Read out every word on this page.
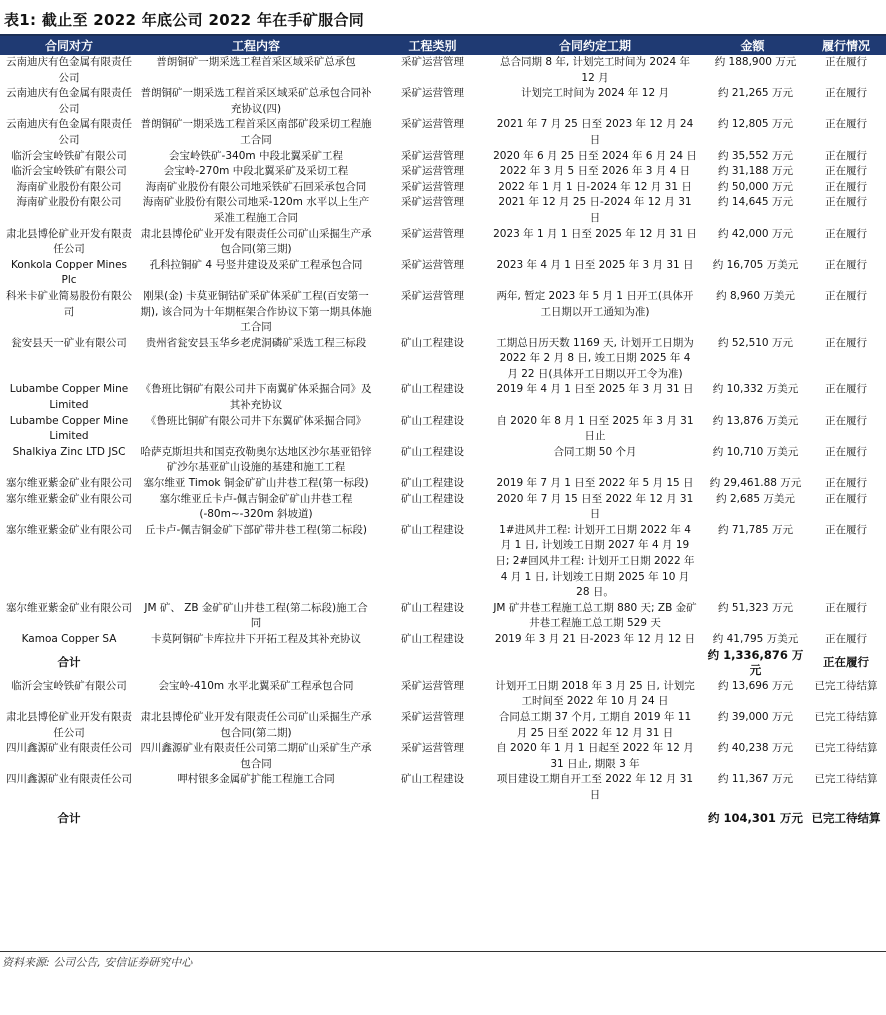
表1: 截止至 2022 年底公司 2022 年在手矿服合同
合同对方	工程内容	工程类别	合同约定工期	金额	履行情况
云南迪庆有色金属有限责任公司	普朗铜矿一期采选工程首采区域采矿总承包	采矿运营管理	总合同期 8 年, 计划完工时间为 2024 年 12 月	约 188,900 万元	正在履行
云南迪庆有色金属有限责任公司	普朗铜矿一期采选工程首采区域采矿总承包合同补充协议(四)	采矿运营管理	计划完工时间为 2024 年 12 月	约 21,265 万元	正在履行
云南迪庆有色金属有限责任公司	普朗铜矿一期采选工程首采区南部矿段采切工程施工合同	采矿运营管理	2021 年 7 月 25 日至 2023 年 12 月 24 日	约 12,805 万元	正在履行
临沂会宝岭铁矿有限公司	会宝岭铁矿-340m 中段北翼采矿工程	采矿运营管理	2020 年 6 月 25 日至 2024 年 6 月 24 日	约 35,552 万元	正在履行
临沂会宝岭铁矿有限公司	会宝岭-270m 中段北翼采矿及采切工程	采矿运营管理	2022 年 3 月 5 日至 2026 年 3 月 4 日	约 31,188 万元	正在履行
海南矿业股份有限公司	海南矿业股份有限公司地采铁矿石回采承包合同	采矿运营管理	2022 年 1 月 1 日-2024 年 12 月 31 日	约 50,000 万元	正在履行
海南矿业股份有限公司	海南矿业股份有限公司地采-120m 水平以上生产采准工程施工合同	采矿运营管理	2021 年 12 月 25 日-2024 年 12 月 31 日	约 14,645 万元	正在履行
肃北县博伦矿业开发有限责任公司	肃北县博伦矿业开发有限责任公司矿山采掘生产承包合同(第三期)	采矿运营管理	2023 年 1 月 1 日至 2025 年 12 月 31 日	约 42,000 万元	正在履行
Konkola Copper Mines Plc	孔科拉铜矿 4 号竖井建设及采矿工程承包合同	采矿运营管理	2023 年 4 月 1 日至 2025 年 3 月 31 日	约 16,705 万美元	正在履行
科米卡矿业简易股份有限公司	刚果(金) 卡莫亚铜钴矿采矿体采矿工程(百安第一期), 该合同为十年期框架合作协议下第一期具体施工合同	采矿运营管理	两年, 暂定 2023 年 5 月 1 日开工(具体开工日期以开工通知为准)	约 8,960 万美元	正在履行
瓮安县天一矿业有限公司	贵州省瓮安县玉华乡老虎洞磷矿采选工程三标段	矿山工程建设	工期总日历天数 1169 天, 计划开工日期为 2022 年 2 月 8 日, 竣工日期 2025 年 4 月 22 日(具体开工日期以开工令为准)	约 52,510 万元	正在履行
Lubambe Copper Mine Limited	《鲁班比铜矿有限公司井下南翼矿体采掘合同》及其补充协议	矿山工程建设	2019 年 4 月 1 日至 2025 年 3 月 31 日	约 10,332 万美元	正在履行
Lubambe Copper Mine Limited	《鲁班比铜矿有限公司井下东翼矿体采掘合同》	矿山工程建设	自 2020 年 8 月 1 日至 2025 年 3 月 31 日止	约 13,876 万美元	正在履行
Shalkiya Zinc LTD JSC	哈萨克斯坦共和国克孜勒奥尔达地区沙尔基亚铅锌矿沙尔基亚矿山设施的基建和施工工程	矿山工程建设	合同工期 50 个月	约 10,710 万美元	正在履行
塞尔维亚紫金矿业有限公司	塞尔维亚 Timok 铜金矿矿山井巷工程(第一标段)	矿山工程建设	2019 年 7 月 1 日至 2022 年 5 月 15 日	约 29,461.88 万元	正在履行
塞尔维亚紫金矿业有限公司	塞尔维亚丘卡卢-佩吉铜金矿矿山井巷工程(-80m~-320m 斜坡道)	矿山工程建设	2020 年 7 月 15 日至 2022 年 12 月 31 日	约 2,685 万美元	正在履行
塞尔维亚紫金矿业有限公司	丘卡卢-佩吉铜金矿下部矿带井巷工程(第二标段)	矿山工程建设	1#进风井工程: 计划开工日期 2022 年 4 月 1 日, 计划竣工日期 2027 年 4 月 19 日; 2#回风井工程: 计划开工日期 2022 年 4 月 1 日, 计划竣工日期 2025 年 10 月 28 日。	约 71,785 万元	正在履行
塞尔维亚紫金矿业有限公司	JM 矿、 ZB 金矿矿山井巷工程(第二标段)施工合同	矿山工程建设	JM 矿井巷工程施工总工期 880 天; ZB 金矿井巷工程施工总工期 529 天	约 51,323 万元	正在履行
Kamoa Copper SA	卡莫阿铜矿卡库拉井下开拓工程及其补充协议	矿山工程建设	2019 年 3 月 21 日-2023 年 12 月 12 日	约 41,795 万美元	正在履行
合计				约 1,336,876 万元	正在履行
临沂会宝岭铁矿有限公司	会宝岭-410m 水平北翼采矿工程承包合同	采矿运营管理	计划开工日期 2018 年 3 月 25 日, 计划完工时间至 2022 年 10 月 24 日	约 13,696 万元	已完工待结算
肃北县博伦矿业开发有限责任公司	肃北县博伦矿业开发有限责任公司矿山采掘生产承包合同(第二期)	采矿运营管理	合同总工期 37 个月, 工期自 2019 年 11 月 25 日至 2022 年 12 月 31 日	约 39,000 万元	已完工待结算
四川鑫源矿业有限责任公司	四川鑫源矿业有限责任公司第二期矿山采矿生产承包合同	采矿运营管理	自 2020 年 1 月 1 日起至 2022 年 12 月 31 日止, 期限 3 年	约 40,238 万元	已完工待结算
四川鑫源矿业有限责任公司	呷村银多金属矿扩能工程施工合同	矿山工程建设	项目建设工期自开工至 2022 年 12 月 31 日	约 11,367 万元	已完工待结算
合计				约 104,301 万元	已完工待结算
资料来源: 公司公告, 安信证券研究中心
